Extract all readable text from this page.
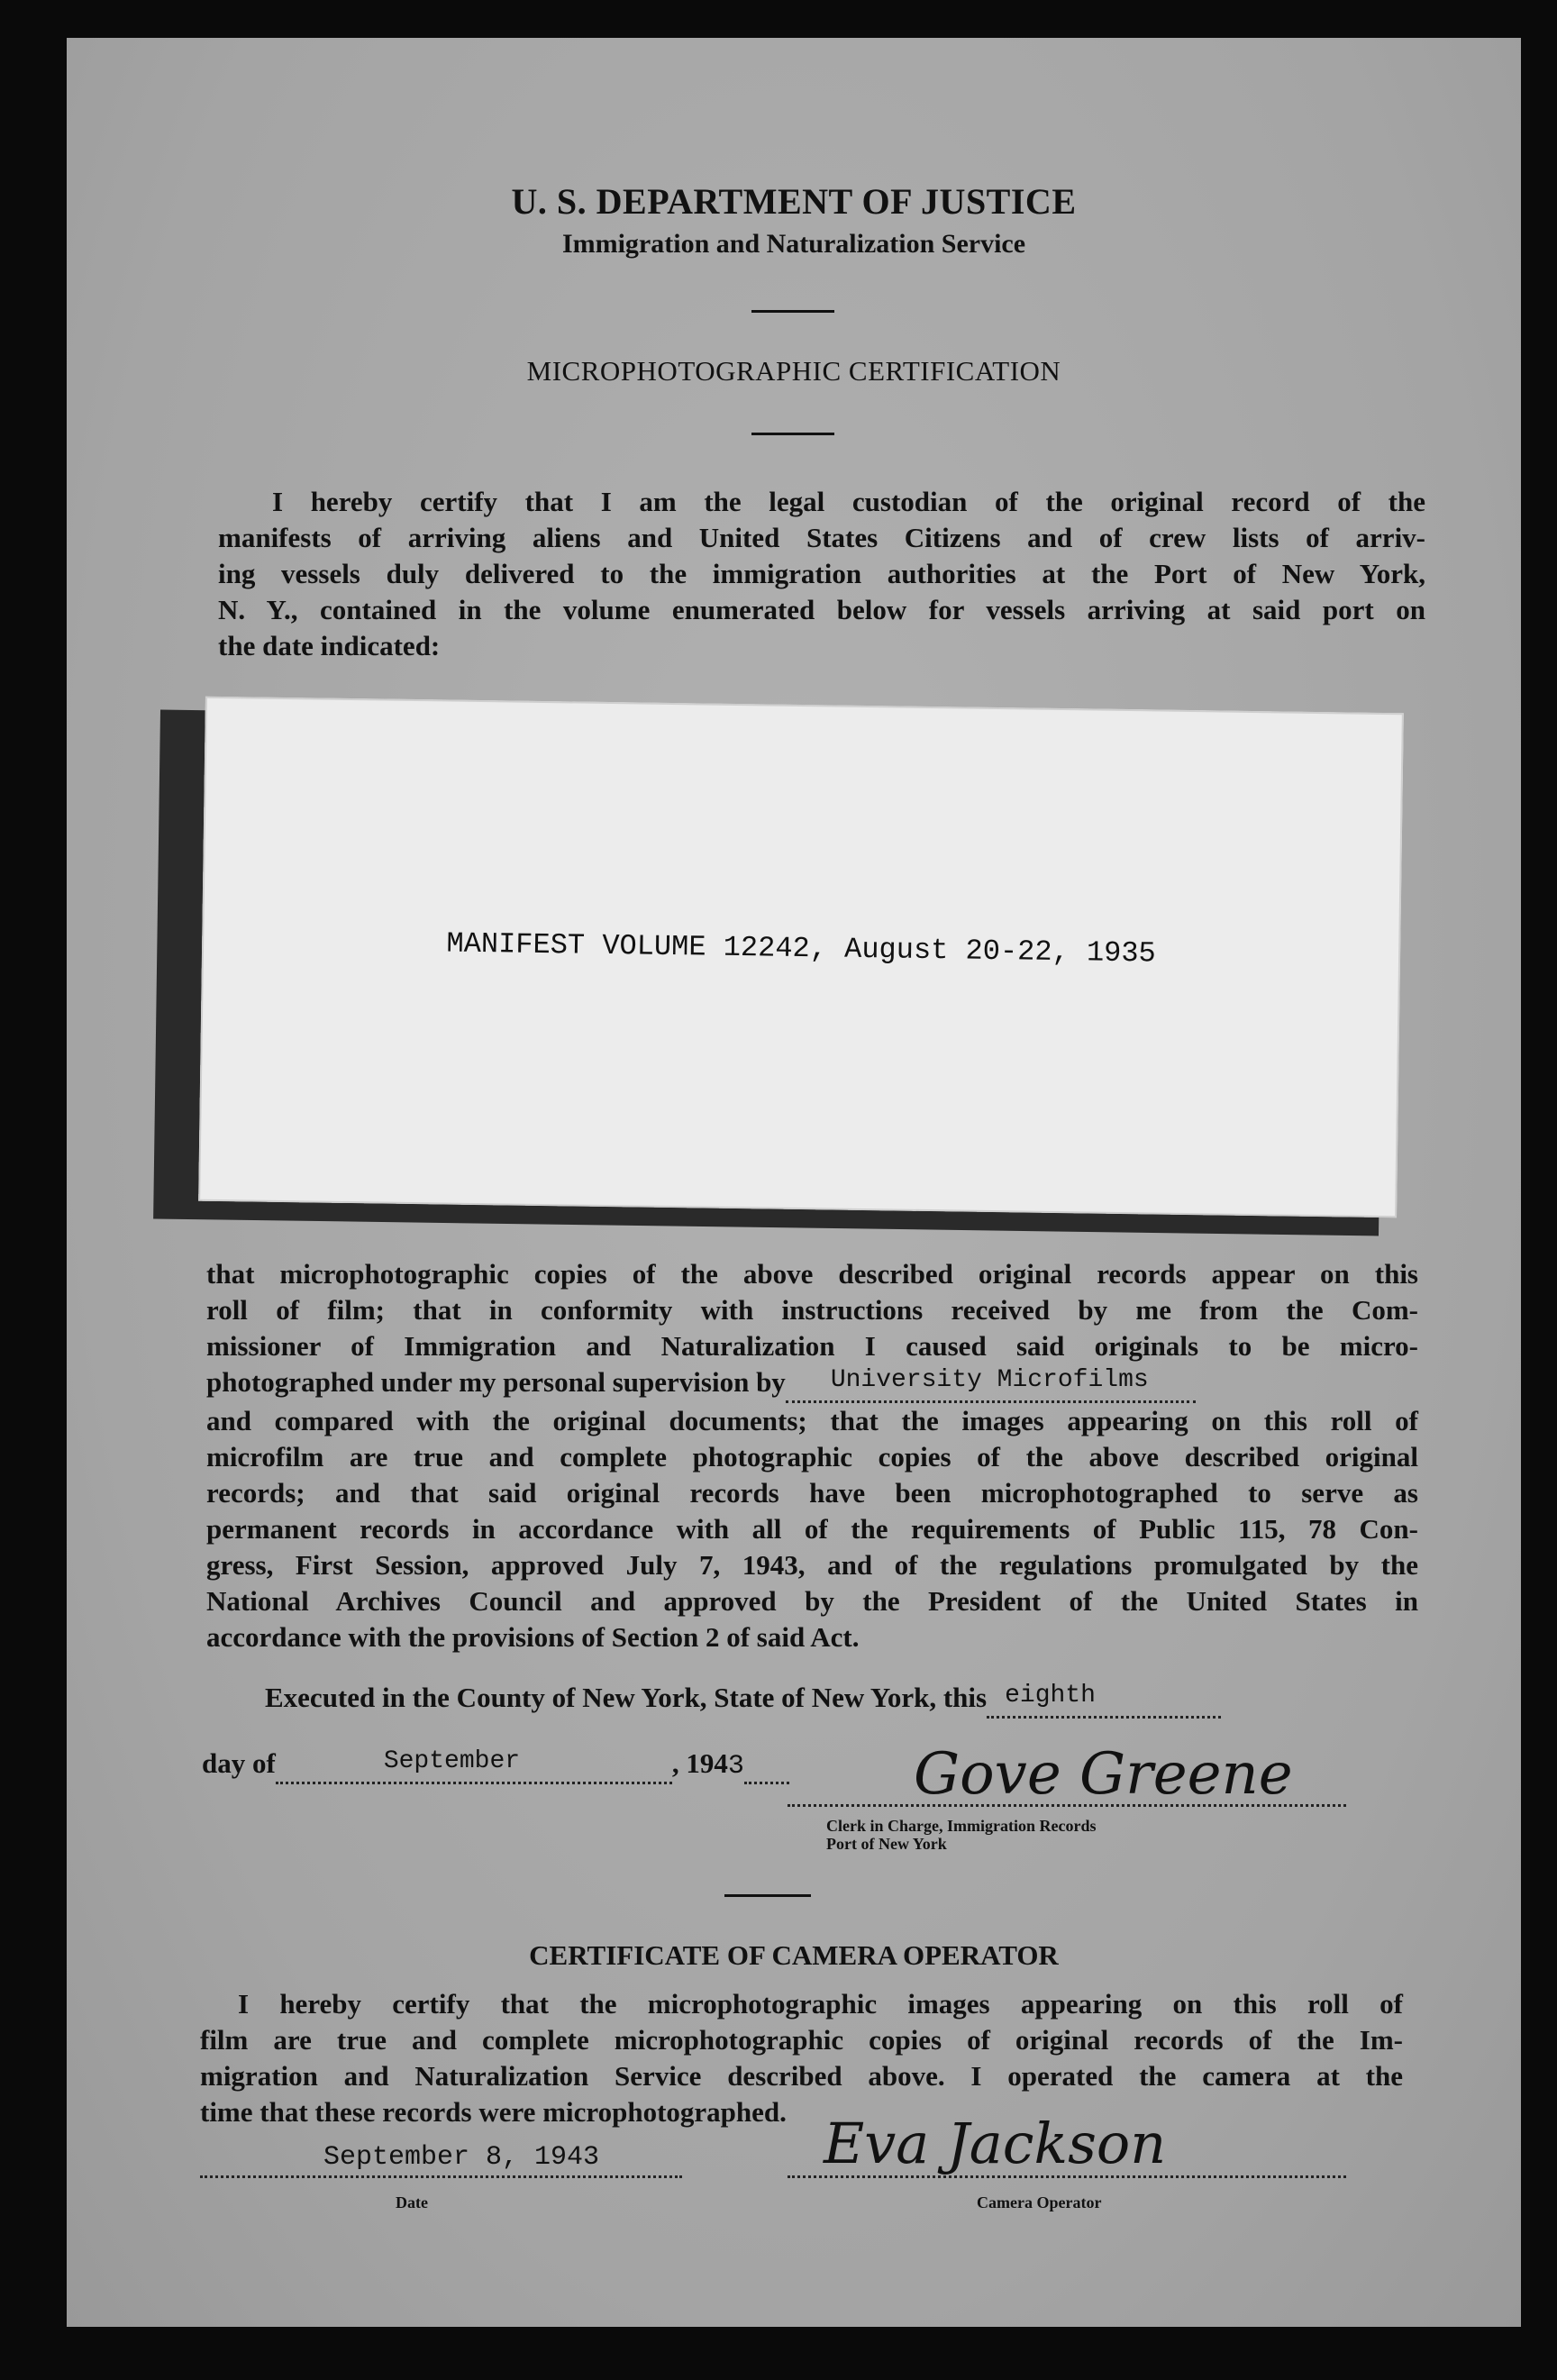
U. S. DEPARTMENT OF JUSTICE
Immigration and Naturalization Service
MICROPHOTOGRAPHIC CERTIFICATION
I hereby certify that I am the legal custodian of the original record of the
manifests of arriving aliens and United States Citizens and of crew lists of arriv-
ing vessels duly delivered to the immigration authorities at the Port of New York,
N. Y., contained in the volume enumerated below for vessels arriving at said port on
the date indicated:
MANIFEST VOLUME 12242, August 20-22, 1935
that microphotographic copies of the above described original records appear on this
roll of film; that in conformity with instructions received by me from the Com-
missioner of Immigration and Naturalization I caused said originals to be micro-
photographed under my personal supervision by University Microfilms

and compared with the original documents; that the images appearing on this roll of
microfilm are true and complete photographic copies of the above described original
records; and that said original records have been microphotographed to serve as
permanent records in accordance with all of the requirements of Public 115, 78 Con-
gress, First Session, approved July 7, 1943, and of the regulations promulgated by the
National Archives Council and approved by the President of the United States in
accordance with the provisions of Section 2 of said Act.
Executed in the County of New York, State of New York, this eighth

day of	September	, 1943	Gove Greene
Clerk in Charge, Immigration Records
Port of New York
CERTIFICATE OF CAMERA OPERATOR
I hereby certify that the microphotographic images appearing on this roll of
film are true and complete microphotographic copies of original records of the Im-
migration and Naturalization Service described above. I operated the camera at the
time that these records were microphotographed.
September 8, 1943
Date
Eva Jackson
Camera Operator
